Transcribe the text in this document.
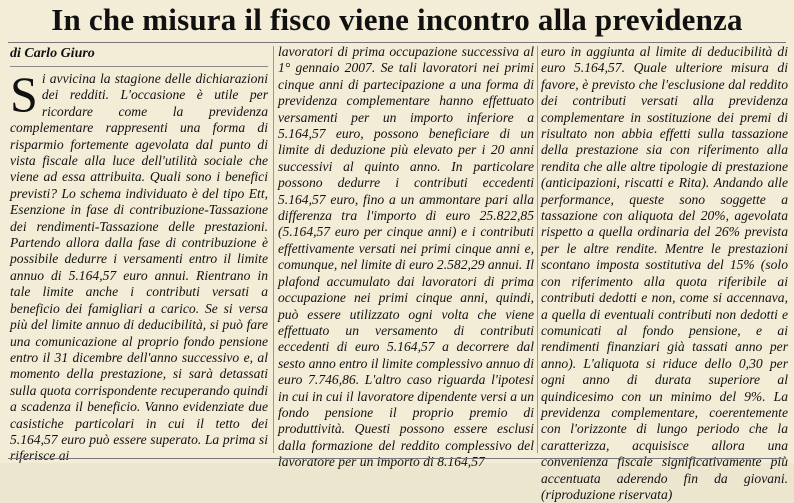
In che misura il fisco viene incontro alla previdenza
di Carlo Giuro

Si avvicina la stagione delle dichiarazioni dei redditi. L'occasione è utile per ricordare come la previdenza complementare rappresenti una forma di risparmio fortemente agevolata dal punto di vista fiscale alla luce dell'utilità sociale che viene ad essa attribuita. Quali sono i benefici previsti? Lo schema individuato è del tipo Ett, Esenzione in fase di contribuzione-Tassazione dei rendimenti-Tassazione delle prestazioni. Partendo allora dalla fase di contribuzione è possibile dedurre i versamenti entro il limite annuo di 5.164,57 euro annui. Rientrano in tale limite anche i contributi versati a beneficio dei famigliari a carico. Se si versa più del limite annuo di deducibilità, si può fare una comunicazione al proprio fondo pensione entro il 31 dicembre dell'anno successivo e, al momento della prestazione, si sarà detassati sulla quota corrispondente recuperando quindi a scadenza il beneficio. Vanno evidenziate due casistiche particolari in cui il tetto dei 5.164,57 euro può essere superato. La prima si riferisce ai

lavoratori di prima occupazione successiva al 1° gennaio 2007. Se tali lavoratori nei primi cinque anni di partecipazione a una forma di previdenza complementare hanno effettuato versamenti per un importo inferiore a 5.164,57 euro, possono beneficiare di un limite di deduzione più elevato per i 20 anni successivi al quinto anno. In particolare possono dedurre i contributi eccedenti 5.164,57 euro, fino a un ammontare pari alla differenza tra l'importo di euro 25.822,85 (5.164,57 euro per cinque anni) e i contributi effettivamente versati nei primi cinque anni e, comunque, nel limite di euro 2.582,29 annui. Il plafond accumulato dai lavoratori di prima occupazione nei primi cinque anni, quindi, può essere utilizzato ogni volta che viene effettuato un versamento di contributi eccedenti di euro 5.164,57 a decorrere dal sesto anno entro il limite complessivo annuo di euro 7.746,86. L'altro caso riguarda l'ipotesi in cui in cui il lavoratore dipendente versi a un fondo pensione il proprio premio di produttività. Questi possono essere esclusi dalla formazione del reddito complessivo del lavoratore per un importo di 8.164,57

euro in aggiunta al limite di deducibilità di euro 5.164,57. Quale ulteriore misura di favore, è previsto che l'esclusione dal reddito dei contributi versati alla previdenza complementare in sostituzione dei premi di risultato non abbia effetti sulla tassazione della prestazione sia con riferimento alla rendita che alle altre tipologie di prestazione (anticipazioni, riscatti e Rita). Andando alle performance, queste sono soggette a tassazione con aliquota del 20%, agevolata rispetto a quella ordinaria del 26% prevista per le altre rendite. Mentre le prestazioni scontano imposta sostitutiva del 15% (solo con riferimento alla quota riferibile ai contributi dedotti e non, come si accennava, a quella di eventuali contributi non dedotti e comunicati al fondo pensione, e ai rendimenti finanziari già tassati anno per anno). L'aliquota si riduce dello 0,30 per ogni anno di durata superiore al quindicesimo con un minimo del 9%. La previdenza complementare, coerentemente con l'orizzonte di lungo periodo che la caratterizza, acquisisce allora una convenienza fiscale significativamente più accentuata aderendo fin da giovani. (riproduzione riservata)
